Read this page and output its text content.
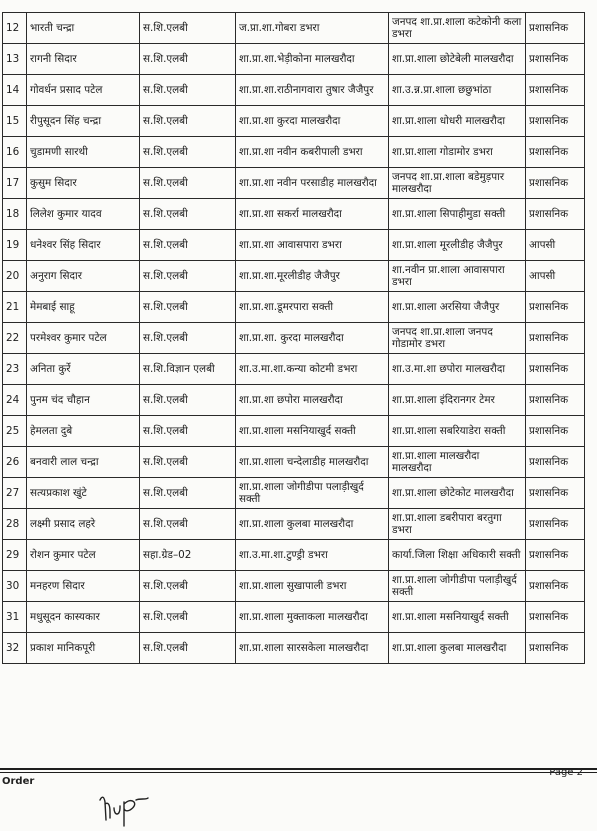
12	भारती चन्द्रा	स.शि.एलबी	ज.प्रा.शा.गोबरा डभरा	जनपद शा.प्रा.शाला कटेकोनी कला डभरा	प्रशासनिक
13	रागनी सिदार	स.शि.एलबी	शा.प्रा.शा.भेड़ीकोना मालखरौदा	शा.प्रा.शाला छोटेबेली मालखरौदा	प्रशासनिक
14	गोवर्धन प्रसाद पटेल	स.शि.एलबी	शा.प्रा.शा.राठीनागवारा तुषार जैजैपुर	शा.उ.न्न.प्रा.शाला छछुभांठा	प्रशासनिक
15	रीपुसूदन सिंह चन्द्रा	स.शि.एलबी	शा.प्रा.शा कुरदा मालखरौदा	शा.प्रा.शाला धोधरी मालखरौदा	प्रशासनिक
16	चुडामणी सारथी	स.शि.एलबी	शा.प्रा.शा नवीन कबरीपाली डभरा	शा.प्रा.शाला गोडामोर डभरा	प्रशासनिक
17	कुसुम सिदार	स.शि.एलबी	शा.प्रा.शा नवीन परसाडीह मालखरौदा	जनपद शा.प्रा.शाला बडेमुड़पार मालखरौदा	प्रशासनिक
18	लिलेश कुमार यादव	स.शि.एलबी	शा.प्रा.शा सकर्रा मालखरौदा	शा.प्रा.शाला सिपाहीमुडा सक्ती	प्रशासनिक
19	धनेश्वर सिंह सिदार	स.शि.एलबी	शा.प्रा.शा आवासपारा डभरा	शा.प्रा.शाला मूरलीडीह जैजैपुर	आपसी
20	अनुराग सिदार	स.शि.एलबी	शा.प्रा.शा.मूरलीडीह जैजैपुर	शा.नवीन प्रा.शाला आवासपारा डभरा	आपसी
21	मेमबाई साहू	स.शि.एलबी	शा.प्रा.शा.डूमरपारा सक्ती	शा.प्रा.शाला अरसिया जैजैपुर	प्रशासनिक
22	परमेश्वर कुमार पटेल	स.शि.एलबी	शा.प्रा.शा. कुरदा मालखरौदा	जनपद शा.प्रा.शाला जनपद गोडामोर डभरा	प्रशासनिक
23	अनिता कुर्रे	स.शि.विज्ञान एलबी	शा.उ.मा.शा.कन्या कोटमी डभरा	शा.उ.मा.शा छपोरा मालखरौदा	प्रशासनिक
24	पुनम चंद चौहान	स.शि.एलबी	शा.प्रा.शा छपोरा मालखरौदा	शा.प्रा.शाला इंदिरानगर टेमर	प्रशासनिक
25	हेमलता दुबे	स.शि.एलबी	शा.प्रा.शाला मसनियाखुर्द सक्ती	शा.प्रा.शाला सबरियाडेरा सक्ती	प्रशासनिक
26	बनवारी लाल चन्द्रा	स.शि.एलबी	शा.प्रा.शाला चन्देलाडीह मालखरौदा	शा.प्रा.शाला मालखरौदा मालखरौदा	प्रशासनिक
27	सत्यप्रकाश खुंटे	स.शि.एलबी	शा.प्रा.शाला जोगीडीपा पलाड़ीखुर्द सक्ती	शा.प्रा.शाला छोटेकोट मालखरौदा	प्रशासनिक
28	लक्ष्मी प्रसाद लहरे	स.शि.एलबी	शा.प्रा.शाला कुलबा मालखरौदा	शा.प्रा.शाला डबरीपारा बरतुगा डभरा	प्रशासनिक
29	रोशन कुमार पटेल	सहा.ग्रेड–02	शा.उ.मा.शा.टुण्ड्री डभरा	कार्या.जिला शिक्षा अधिकारी सक्ती	प्रशासनिक
30	मनहरण सिदार	स.शि.एलबी	शा.प्रा.शाला सुखापाली डभरा	शा.प्रा.शाला जोगीडीपा पलाड़ीखुर्द सक्ती	प्रशासनिक
31	मधुसूदन कास्यकार	स.शि.एलबी	शा.प्रा.शाला मुक्ताकला मालखरौदा	शा.प्रा.शाला मसनियाखुर्द सक्ती	प्रशासनिक
32	प्रकाश मानिकपूरी	स.शि.एलबी	शा.प्रा.शाला सारसकेला मालखरौदा	शा.प्रा.शाला कुलबा मालखरौदा	प्रशासनिक
Order
Page 2
